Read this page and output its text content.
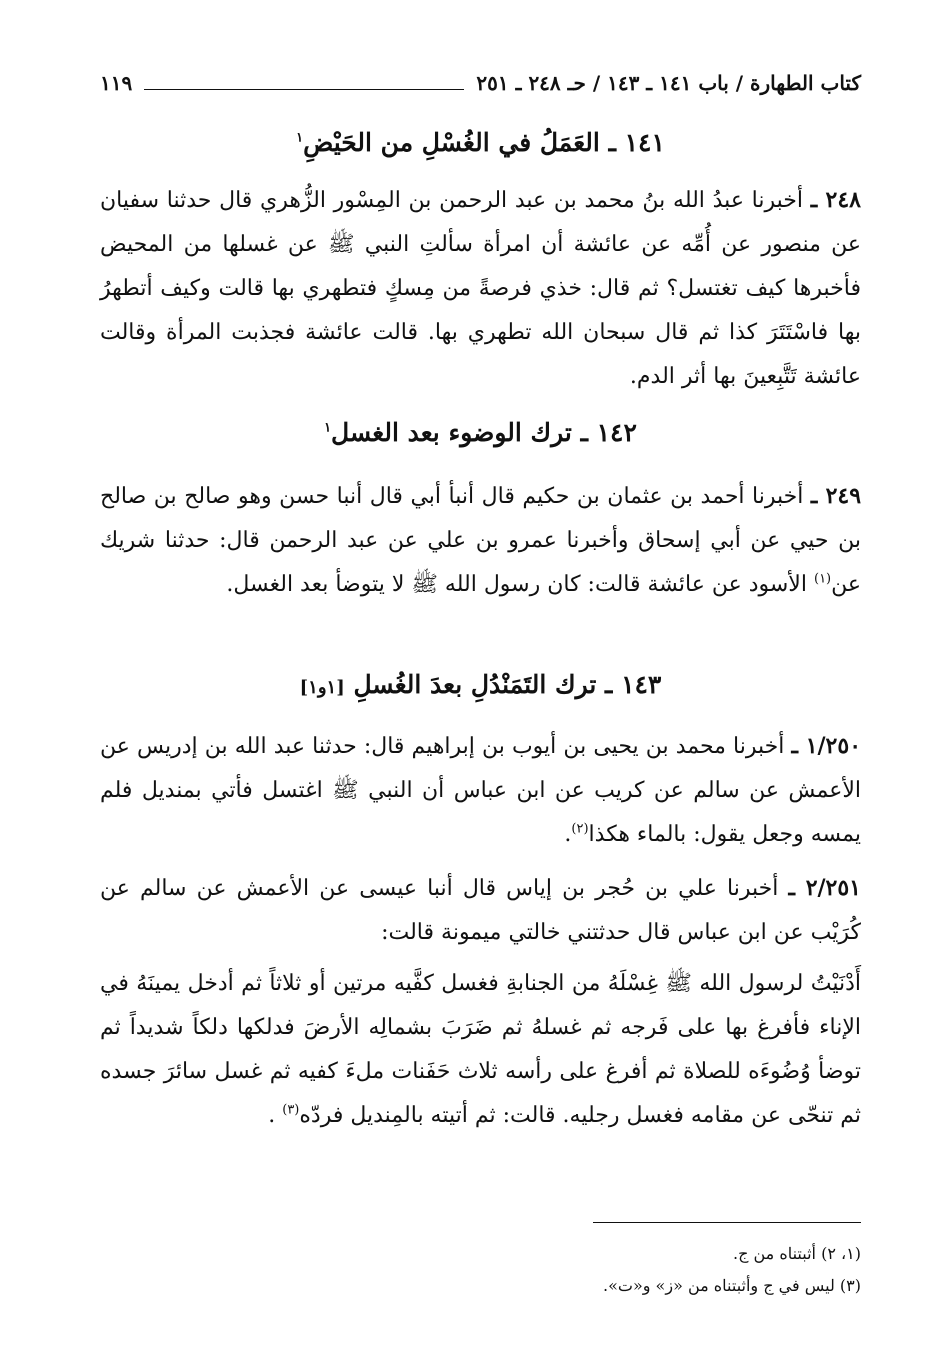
كتاب الطهارة / باب ١٤١ ـ ١٤٣ / حـ ٢٤٨ ـ ٢٥١
١١٩
١٤١ ـ العَمَلُ في الغُسْلِ من الحَيْضِ$^١$
٢٤٨ ـ أخبرنا عبدُ الله بنُ محمد بن عبد الرحمن بن المِسْور الزُّهري قال حدثنا سفيان عن منصور عن أُمِّه عن عائشة أن امرأة سألتِ النبي ﷺ عن غسلها من المحيض فأخبرها كيف تغتسل؟ ثم قال: خذي فرصةً من مِسكٍ فتطهري بها قالت وكيف أتطهرُ بها فاسْتَتَرَ كذا ثم قال سبحان الله تطهري بها. قالت عائشة فجذبت المرأة وقالت عائشة تَتَّبِعينَ بها أثر الدم.
١٤٢ ـ ترك الوضوء بعد الغسل$^١$
٢٤٩ ـ أخبرنا أحمد بن عثمان بن حكيم قال أنبأ أبي قال أنبا حسن وهو صالح بن صالح بن حيي عن أبي إسحاق وأخبرنا عمرو بن علي عن عبد الرحمن قال: حدثنا شريك عن$^{(١)}$ الأسود عن عائشة قالت: كان رسول الله ﷺ لا يتوضأ بعد الغسل.
١٤٣ ـ ترك التَمَنْدُلِ بعدَ الغُسلِ [١و١]
١/٢٥٠ ـ أخبرنا محمد بن يحيى بن أيوب بن إبراهيم قال: حدثنا عبد الله بن إدريس عن الأعمش عن سالم عن كريب عن ابن عباس أن النبي ﷺ اغتسل فأتي بمنديل فلم يمسه وجعل يقول: بالماء هكذا$^{(٢)}$.
٢/٢٥١ ـ أخبرنا علي بن حُجر بن إياس قال أنبا عيسى عن الأعمش عن سالم عن كُرَيْب عن ابن عباس قال حدثتني خالتي ميمونة قالت:
أَدْنَيْتُ لرسول الله ﷺ غِسْلَهُ من الجنابةِ فغسل كفَّيه مرتين أو ثلاثاً ثم أدخل يمينَهُ في الإناء فأفرغ بها على فَرجه ثم غسلهُ ثم ضَرَبَ بشمالِه الأرضَ فدلكها دلكاً شديداً ثم توضأ وُضُوءَه للصلاة ثم أفرغ على رأسه ثلاث حَفَنات ملءَ كفيه ثم غسل سائرَ جسده ثم تنحّى عن مقامه فغسل رجليه. قالت: ثم أتيته بالمِنديل فردّه$^{(٣)}$ .
(١، ٢) أثبتناه من ج.
(٣) ليس في ج وأثبتناه من «ز» و«ت».
